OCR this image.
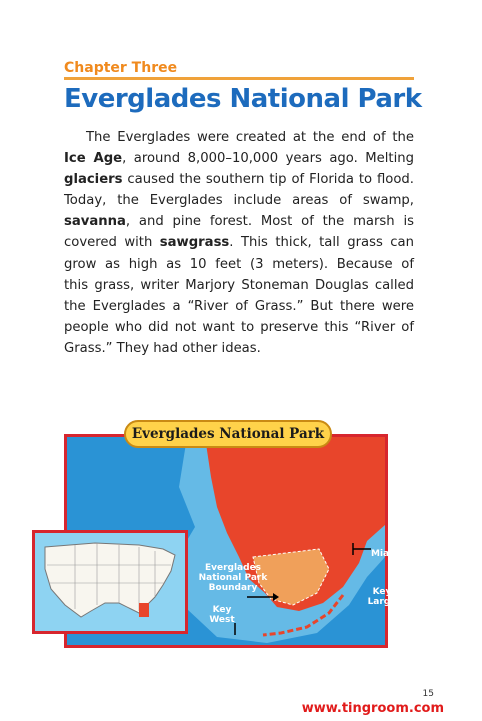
Chapter Three
Everglades National Park
The Everglades were created at the end of the
Ice Age, around 8,000–10,000 years ago. Melting
glaciers caused the southern tip of Florida to flood.
Today, the Everglades include areas of swamp,
savanna, and pine forest. Most of the marsh is
covered with sawgrass. This thick, tall grass can
grow as high as 10 feet (3 meters). Because of
this grass, writer Marjory Stoneman Douglas called
the Everglades a “River of Grass.” But there were
people who did not want to preserve this “River of
Grass.” They had other ideas.
Everglades National Park Boundary
Miami
Key Largo
Key West
Everglades National Park
15
www.tingroom.com
